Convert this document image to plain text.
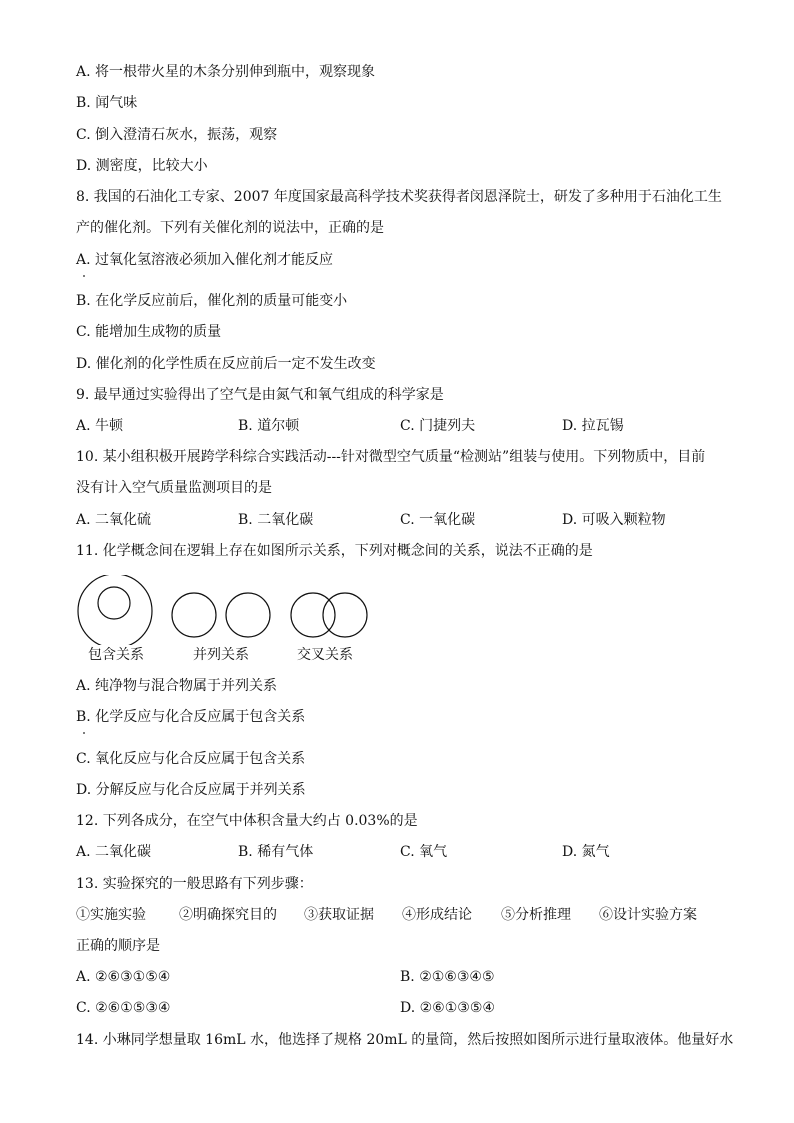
A. 将一根带火星的木条分别伸到瓶中，观察现象
B. 闻气味
C. 倒入澄清石灰水，振荡，观察
D. 测密度，比较大小
8. 我国的石油化工专家、2007 年度国家最高科学技术奖获得者闵恩泽院士，研发了多种用于石油化工生
产的催化剂。下列有关催化剂的说法中，正确的是
A. 过氧化氢溶液必须加入催化剂才能反应
B. 在化学反应前后，催化剂的质量可能变小
C. 能增加生成物的质量
D. 催化剂的化学性质在反应前后一定不发生改变
9. 最早通过实验得出了空气是由氮气和氧气组成的科学家是
A. 牛顿	B. 道尔顿	C. 门捷列夫	D. 拉瓦锡
10. 某小组积极开展跨学科综合实践活动---针对微型空气质量“检测站”组装与使用。下列物质中，目前
没有计入空气质量监测项目的是
A. 二氧化硫	B. 二氧化碳	C. 一氧化碳	D. 可吸入颗粒物
11. 化学概念间在逻辑上存在如图所示关系，下列对概念间的关系，说法不正确的是
包含关系	并列关系	交叉关系
A. 纯净物与混合物属于并列关系
B. 化学反应与化合反应属于包含关系
C. 氧化反应与化合反应属于包含关系
D. 分解反应与化合反应属于并列关系
12. 下列各成分，在空气中体积含量大约占 0.03%的是
A. 二氧化碳	B. 稀有气体	C. 氧气	D. 氮气
13. 实验探究的一般思路有下列步骤：
①实施实验 ②明确探究目的 ③获取证据 ④形成结论 ⑤分析推理 ⑥设计实验方案
正确的顺序是
A. ②⑥③①⑤④	B. ②①⑥③④⑤
C. ②⑥①⑤③④	D. ②⑥①③⑤④
14. 小琳同学想量取 16mL 水，他选择了规格 20mL 的量筒，然后按照如图所示进行量取液体。他量好水
